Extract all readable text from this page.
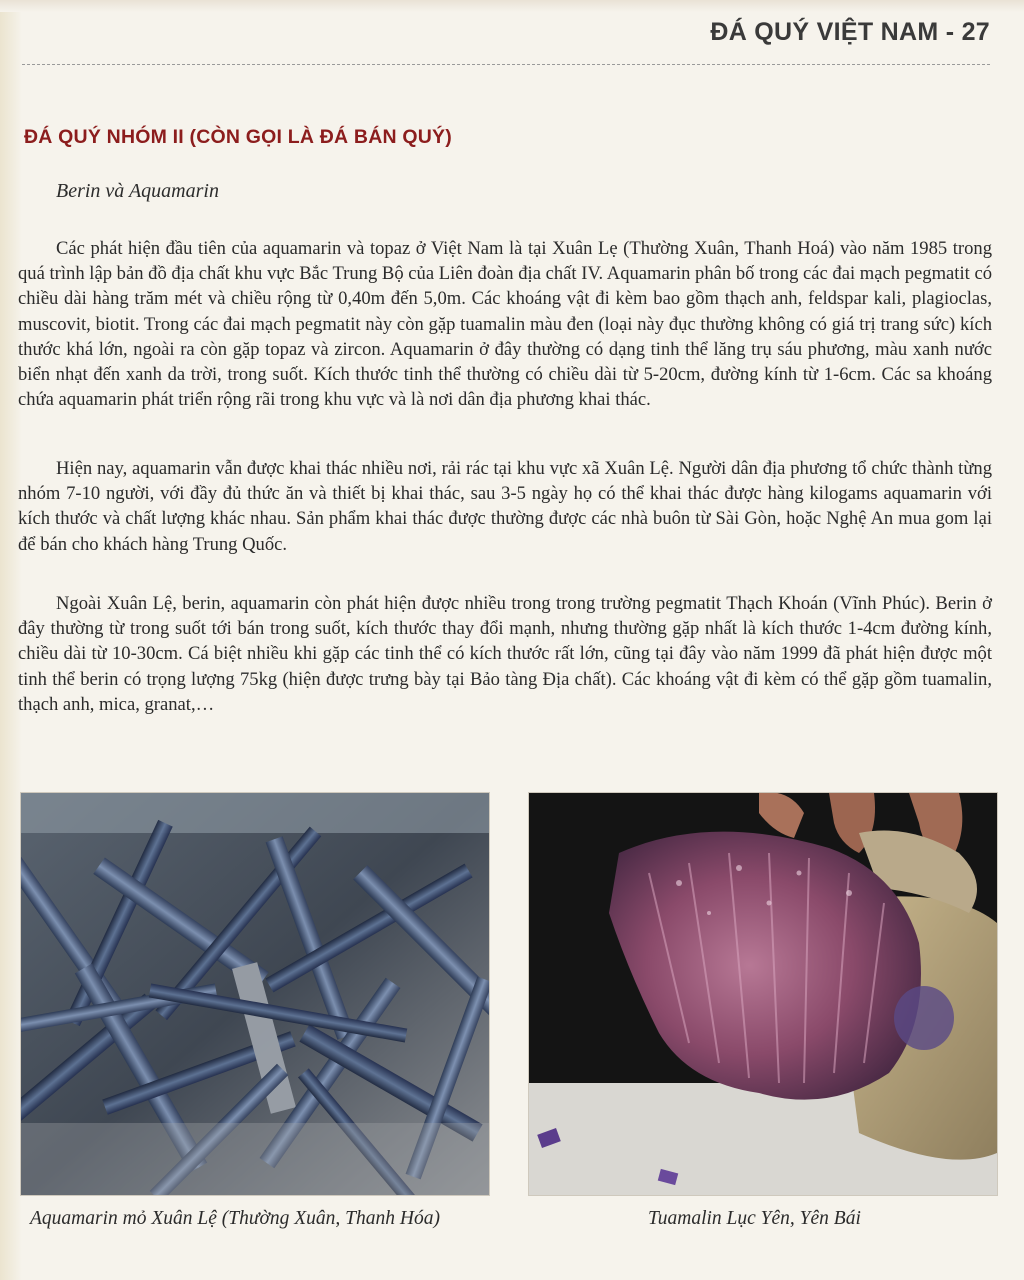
ĐÁ QUÝ VIỆT NAM - 27
ĐÁ QUÝ NHÓM II (CÒN GỌI LÀ ĐÁ BÁN QUÝ)
Berin và Aquamarin

Các phát hiện đầu tiên của aquamarin và topaz ở Việt Nam là tại Xuân Lẹ (Thường Xuân, Thanh Hoá) vào năm 1985 trong quá trình lập bản đồ địa chất khu vực Bắc Trung Bộ của Liên đoàn địa chất IV. Aquamarin phân bố trong các đai mạch pegmatit có chiều dài hàng trăm mét và chiều rộng từ 0,40m đến 5,0m. Các khoáng vật đi kèm bao gồm thạch anh, feldspar kali, plagioclas, muscovit, biotit. Trong các đai mạch pegmatit này còn gặp tuamalin màu đen (loại này đục thường không có giá trị trang sức) kích thước khá lớn, ngoài ra còn gặp topaz và zircon. Aquamarin ở đây thường có dạng tinh thể lăng trụ sáu phương, màu xanh nước biển nhạt đến xanh da trời, trong suốt. Kích thước tinh thể thường có chiều dài từ 5-20cm, đường kính từ 1-6cm. Các sa khoáng chứa aquamarin phát triển rộng rãi trong khu vực và là nơi dân địa phương khai thác.

Hiện nay, aquamarin vẫn được khai thác nhiều nơi, rải rác tại khu vực xã Xuân Lệ. Người dân địa phương tổ chức thành từng nhóm 7-10 người, với đầy đủ thức ăn và thiết bị khai thác, sau 3-5 ngày họ có thể khai thác được hàng kilogams aquamarin với kích thước và chất lượng khác nhau. Sản phẩm khai thác được thường được các nhà buôn từ Sài Gòn, hoặc Nghệ An mua gom lại để bán cho khách hàng Trung Quốc.

Ngoài Xuân Lệ, berin, aquamarin còn phát hiện được nhiều trong trong trường pegmatit Thạch Khoán (Vĩnh Phúc). Berin ở đây thường từ trong suốt tới bán trong suốt, kích thước thay đổi mạnh, nhưng thường gặp nhất là kích thước 1-4cm đường kính, chiều dài từ 10-30cm. Cá biệt nhiều khi gặp các tinh thể có kích thước rất lớn, cũng tại đây vào năm 1999 đã phát hiện được một tinh thể berin có trọng lượng 75kg (hiện được trưng bày tại Bảo tàng Địa chất). Các khoáng vật đi kèm có thể gặp gồm tuamalin, thạch anh, mica, granat,…

Aquamarin mỏ Xuân Lệ (Thường Xuân, Thanh Hóa)	Tuamalin Lục Yên, Yên Bái
